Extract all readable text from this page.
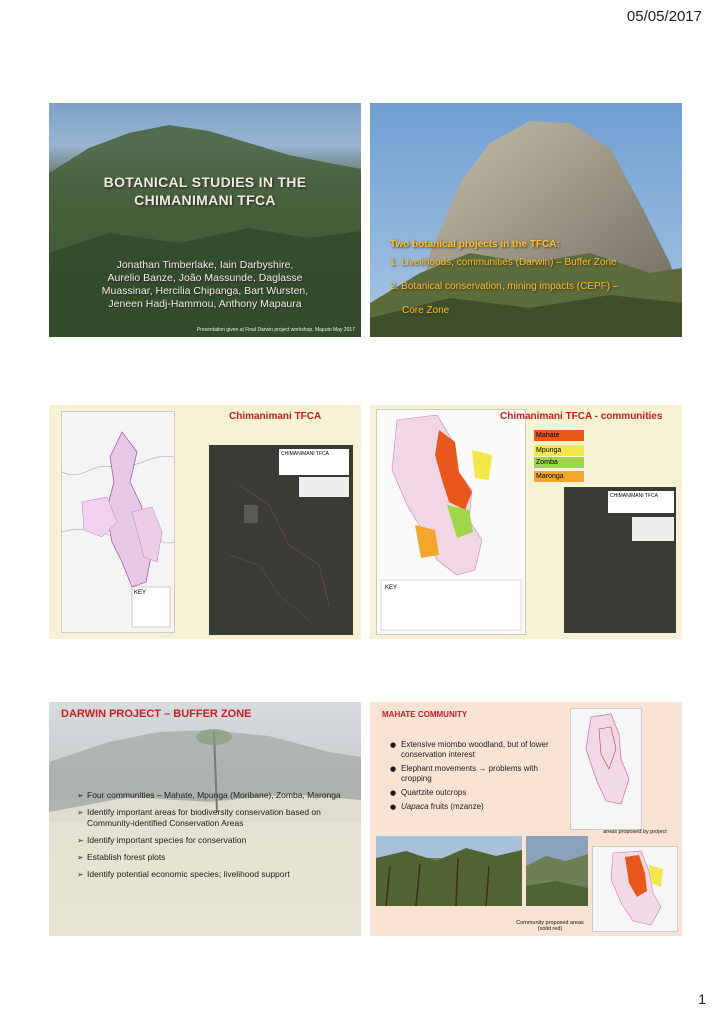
05/05/2017
BOTANICAL STUDIES IN THE
CHIMANIMANI TFCA
Jonathan Timberlake, Iain Darbyshire,
Aurelio Banze, João Massunde, Daglasse
Muassinar, Hercilia Chipanga, Bart Wursten,
Jeneen Hadj-Hammou, Anthony Mapaura
Presentation given at Final Darwin project workshop, Maputo May 2017
Two botanical projects in the TFCA:
1. Livelihoods, communities (Darwin) – Buffer Zone
2. Botanical conservation, mining impacts (CEPF) –
Core Zone
KEY
Chimanimani TFCA
CHIMANIMANI TFCA
KEY
Chimanimani TFCA - communities
Mahate
Mpunga
Zomba
Maronga
CHIMANIMANI TFCA
DARWIN PROJECT – BUFFER ZONE
➢ Four communities – Mahate, Mpunga (Moribane), Zomba, Maronga
➢ Identify important areas for biodiversity conservation based on Community-identified Conservation Areas
➢ Identify important species for conservation
➢ Establish forest plots
➢ Identify potential economic species; livelihood support
MAHATE COMMUNITY
● Extensive miombo woodland, but of lower conservation interest
● Elephant movements → problems with cropping
● Quartzite outcrops
● Uapaca fruits (mzanze)
areas proposed by project
Community proposed areas
(solid red)
1
